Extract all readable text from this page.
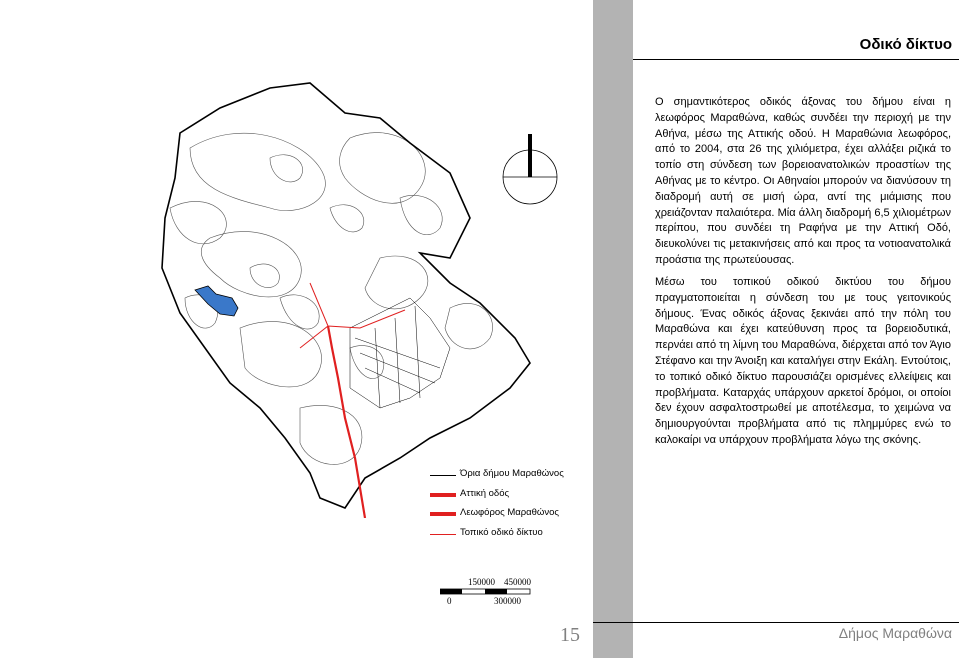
Οδικό δίκτυο

Ο σημαντικότερος οδικός άξονας του δήμου είναι η λεωφόρος Μαραθώνα, καθώς συνδέει την περιοχή με την Αθήνα, μέσω της Αττικής οδού. Η Μαραθώνια λεωφόρος, από το 2004, στα 26 της χιλιόμετρα, έχει αλλάξει ριζικά το τοπίο στη σύνδεση των βορειοανατολικών προαστίων της Αθήνας με το κέντρο. Οι Αθηναίοι μπορούν να διανύσουν τη διαδρομή αυτή σε μισή ώρα, αντί της μιάμισης που χρειάζονταν παλαιότερα. Μία άλλη διαδρομή 6,5 χιλιομέτρων περίπου, που συνδέει τη Ραφήνα με την Αττική Οδό, διευκολύνει τις μετακινήσεις από και προς τα νοτιοανατολικά προάστια της πρωτεύουσας.

Μέσω του τοπικού οδικού δικτύου του δήμου πραγματοποιείται η σύνδεση του με τους γειτονικούς δήμους. Ένας οδικός άξονας ξεκινάει από την πόλη του Μαραθώνα και έχει κατεύθυνση προς τα βορειοδυτικά, περνάει από τη λίμνη του Μαραθώνα, διέρχεται από τον Άγιο Στέφανο και την Άνοιξη και καταλήγει στην Εκάλη. Εντούτοις, το τοπικό οδικό δίκτυο παρουσιάζει ορισμένες ελλείψεις και προβλήματα. Καταρχάς υπάρχουν αρκετοί δρόμοι, οι οποίοι δεν έχουν ασφαλτοστρωθεί με αποτέλεσμα, το χειμώνα να δημιουργούνται προβλήματα από τις πλημμύρες ενώ το καλοκαίρι να υπάρχουν προβλήματα λόγω της σκόνης.

Όρια δήμου Μαραθώνος
Αττική οδός
Λεωφόρος Μαραθώνος
Τοπικό οδικό δίκτυο
150000 450000
0	300000
15	Δήμος Μαραθώνα
